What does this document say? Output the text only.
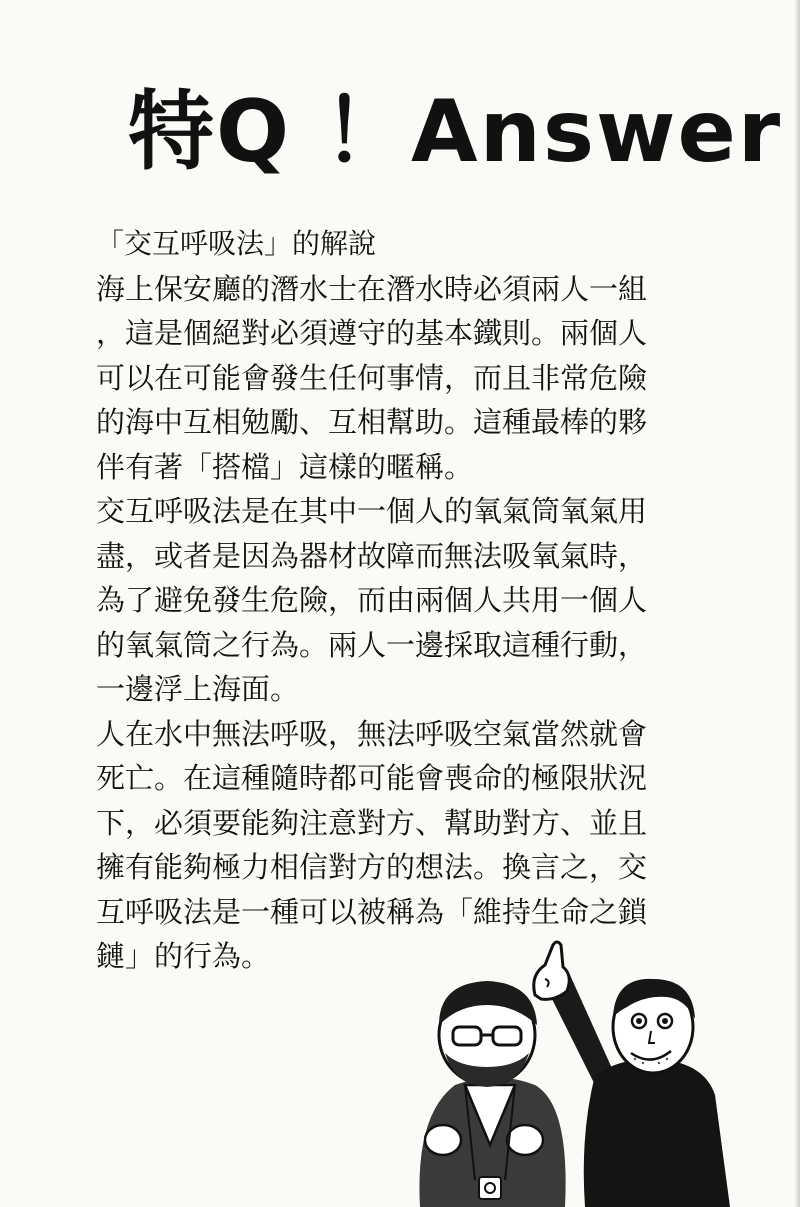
特Q ！Answer
「交互呼吸法」的解說
海上保安廳的潛水士在潛水時必須兩人一組
，這是個絕對必須遵守的基本鐵則。兩個人
可以在可能會發生任何事情，而且非常危險
的海中互相勉勵、互相幫助。這種最棒的夥
伴有著「搭檔」這樣的暱稱。
交互呼吸法是在其中一個人的氧氣筒氧氣用
盡，或者是因為器材故障而無法吸氧氣時，
為了避免發生危險，而由兩個人共用一個人
的氧氣筒之行為。兩人一邊採取這種行動，
一邊浮上海面。
人在水中無法呼吸，無法呼吸空氣當然就會
死亡。在這種隨時都可能會喪命的極限狀況
下，必須要能夠注意對方、幫助對方、並且
擁有能夠極力相信對方的想法。換言之，交
互呼吸法是一種可以被稱為「維持生命之鎖
鏈」的行為。
